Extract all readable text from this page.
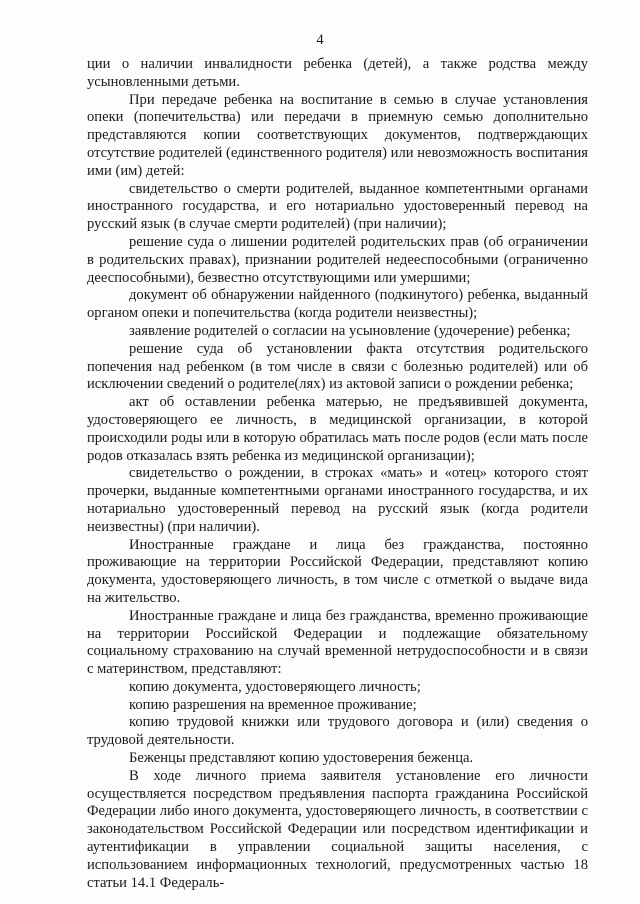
4

ции о наличии инвалидности ребенка (детей), а также родства между усыновленными детьми.

При передаче ребенка на воспитание в семью в случае установления опеки (попечительства) или передачи в приемную семью дополнительно представляются копии соответствующих документов, подтверждающих отсутствие родителей (единственного родителя) или невозможность воспитания ими (им) детей:

свидетельство о смерти родителей, выданное компетентными органами иностранного государства, и его нотариально удостоверенный перевод на русский язык (в случае смерти родителей) (при наличии);

решение суда о лишении родителей родительских прав (об ограничении в родительских правах), признании родителей недееспособными (ограниченно дееспособными), безвестно отсутствующими или умершими;

документ об обнаружении найденного (подкинутого) ребенка, выданный органом опеки и попечительства (когда родители неизвестны);

заявление родителей о согласии на усыновление (удочерение) ребенка;

решение суда об установлении факта отсутствия родительского попечения над ребенком (в том числе в связи с болезнью родителей) или об исключении сведений о родителе(лях) из актовой записи о рождении ребенка;

акт об оставлении ребенка матерью, не предъявившей документа, удостоверяющего ее личность, в медицинской организации, в которой происходили роды или в которую обратилась мать после родов (если мать после родов отказалась взять ребенка из медицинской организации);

свидетельство о рождении, в строках «мать» и «отец» которого стоят прочерки, выданные компетентными органами иностранного государства, и их нотариально удостоверенный перевод на русский язык (когда родители неизвестны) (при наличии).

Иностранные граждане и лица без гражданства, постоянно проживающие на территории Российской Федерации, представляют копию документа, удостоверяющего личность, в том числе с отметкой о выдаче вида на жительство.

Иностранные граждане и лица без гражданства, временно проживающие на территории Российской Федерации и подлежащие обязательному социальному страхованию на случай временной нетрудоспособности и в связи с материнством, представляют:

копию документа, удостоверяющего личность;

копию разрешения на временное проживание;

копию трудовой книжки или трудового договора и (или) сведения о трудовой деятельности.

Беженцы представляют копию удостоверения беженца.

В ходе личного приема заявителя установление его личности осуществляется посредством предъявления паспорта гражданина Российской Федерации либо иного документа, удостоверяющего личность, в соответствии с законодательством Российской Федерации или посредством идентификации и аутентификации в управлении социальной защиты населения, с использованием информационных технологий, предусмотренных частью 18 статьи 14.1 Федераль-
